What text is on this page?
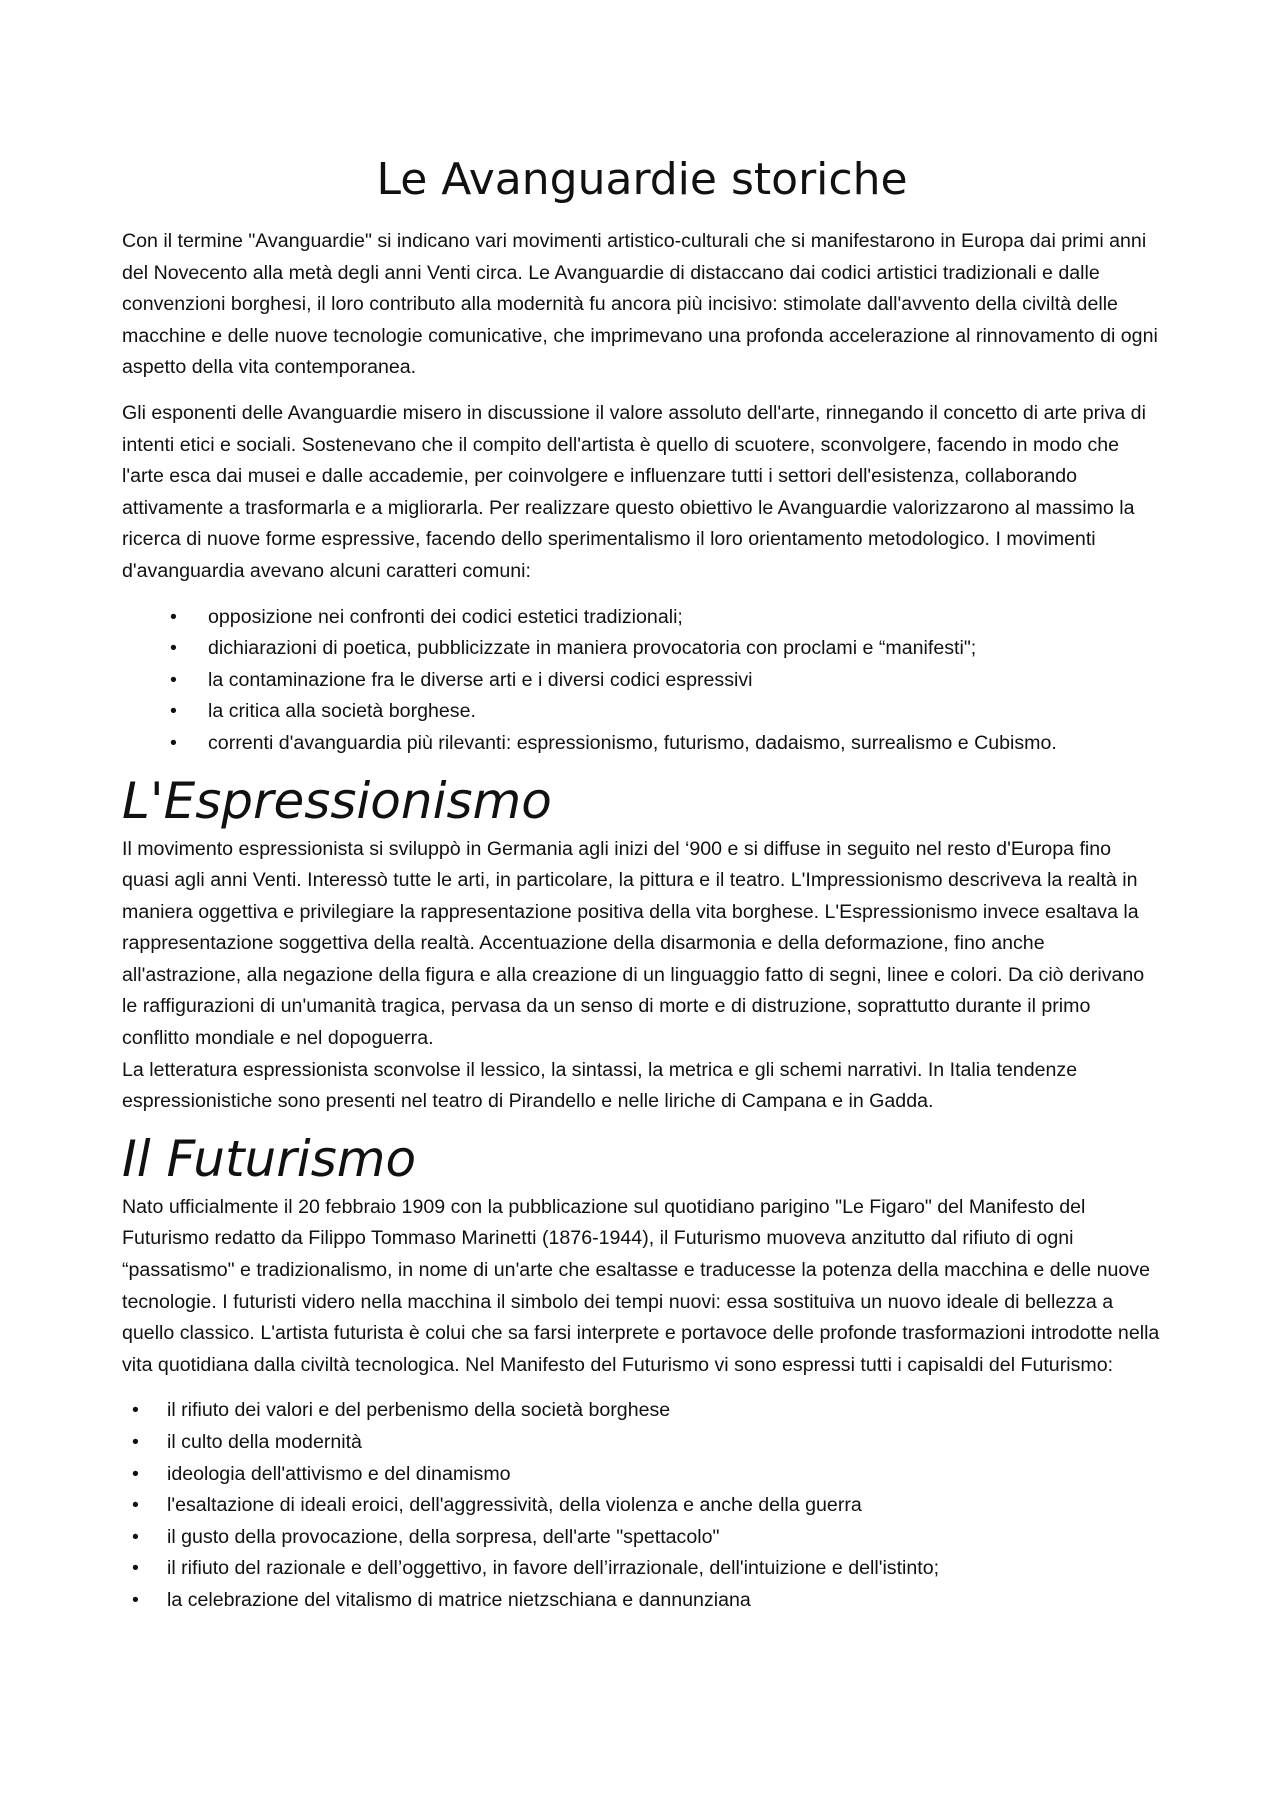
Le Avanguardie storiche

Con il termine "Avanguardie" si indicano vari movimenti artistico-culturali che si manifestarono in Europa dai primi anni del Novecento alla metà degli anni Venti circa. Le Avanguardie di distaccano dai codici artistici tradizionali e dalle convenzioni borghesi, il loro contributo alla modernità fu ancora più incisivo: stimolate dall'avvento della civiltà delle macchine e delle nuove tecnologie comunicative, che imprimevano una profonda accelerazione al rinnovamento di ogni aspetto della vita contemporanea.

Gli esponenti delle Avanguardie misero in discussione il valore assoluto dell'arte, rinnegando il concetto di arte priva di intenti etici e sociali. Sostenevano che il compito dell'artista è quello di scuotere, sconvolgere, facendo in modo che l'arte esca dai musei e dalle accademie, per coinvolgere e influenzare tutti i settori dell'esistenza, collaborando attivamente a trasformarla e a migliorarla. Per realizzare questo obiettivo le Avanguardie valorizzarono al massimo la ricerca di nuove forme espressive, facendo dello sperimentalismo il loro orientamento metodologico. I movimenti d'avanguardia avevano alcuni caratteri comuni:

• opposizione nei confronti dei codici estetici tradizionali;
• dichiarazioni di poetica, pubblicizzate in maniera provocatoria con proclami e “manifesti";
• la contaminazione fra le diverse arti e i diversi codici espressivi
• la critica alla società borghese.
• correnti d'avanguardia più rilevanti: espressionismo, futurismo, dadaismo, surrealismo e Cubismo.
L'Espressionismo

Il movimento espressionista si sviluppò in Germania agli inizi del ‘900 e si diffuse in seguito nel resto d'Europa fino quasi agli anni Venti. Interessò tutte le arti, in particolare, la pittura e il teatro. L'Impressionismo descriveva la realtà in maniera oggettiva e privilegiare la rappresentazione positiva della vita borghese. L'Espressionismo invece esaltava la rappresentazione soggettiva della realtà. Accentuazione della disarmonia e della deformazione, fino anche all'astrazione, alla negazione della figura e alla creazione di un linguaggio fatto di segni, linee e colori. Da ciò derivano le raffigurazioni di un'umanità tragica, pervasa da un senso di morte e di distruzione, soprattutto durante il primo conflitto mondiale e nel dopoguerra.

La letteratura espressionista sconvolse il lessico, la sintassi, la metrica e gli schemi narrativi. In Italia tendenze espressionistiche sono presenti nel teatro di Pirandello e nelle liriche di Campana e in Gadda.

Il Futurismo

Nato ufficialmente il 20 febbraio 1909 con la pubblicazione sul quotidiano parigino "Le Figaro" del Manifesto del Futurismo redatto da Filippo Tommaso Marinetti (1876-1944), il Futurismo muoveva anzitutto dal rifiuto di ogni “passatismo" e tradizionalismo, in nome di un'arte che esaltasse e traducesse la potenza della macchina e delle nuove tecnologie. I futuristi videro nella macchina il simbolo dei tempi nuovi: essa sostituiva un nuovo ideale di bellezza a quello classico. L'artista futurista è colui che sa farsi interprete e portavoce delle profonde trasformazioni introdotte nella vita quotidiana dalla civiltà tecnologica. Nel Manifesto del Futurismo vi sono espressi tutti i capisaldi del Futurismo:

• il rifiuto dei valori e del perbenismo della società borghese
• il culto della modernità
• ideologia dell'attivismo e del dinamismo
• l'esaltazione di ideali eroici, dell'aggressività, della violenza e anche della guerra
• il gusto della provocazione, della sorpresa, dell'arte "spettacolo"
• il rifiuto del razionale e dell’oggettivo, in favore dell’irrazionale, dell'intuizione e dell'istinto;
• la celebrazione del vitalismo di matrice nietzschiana e dannunziana
